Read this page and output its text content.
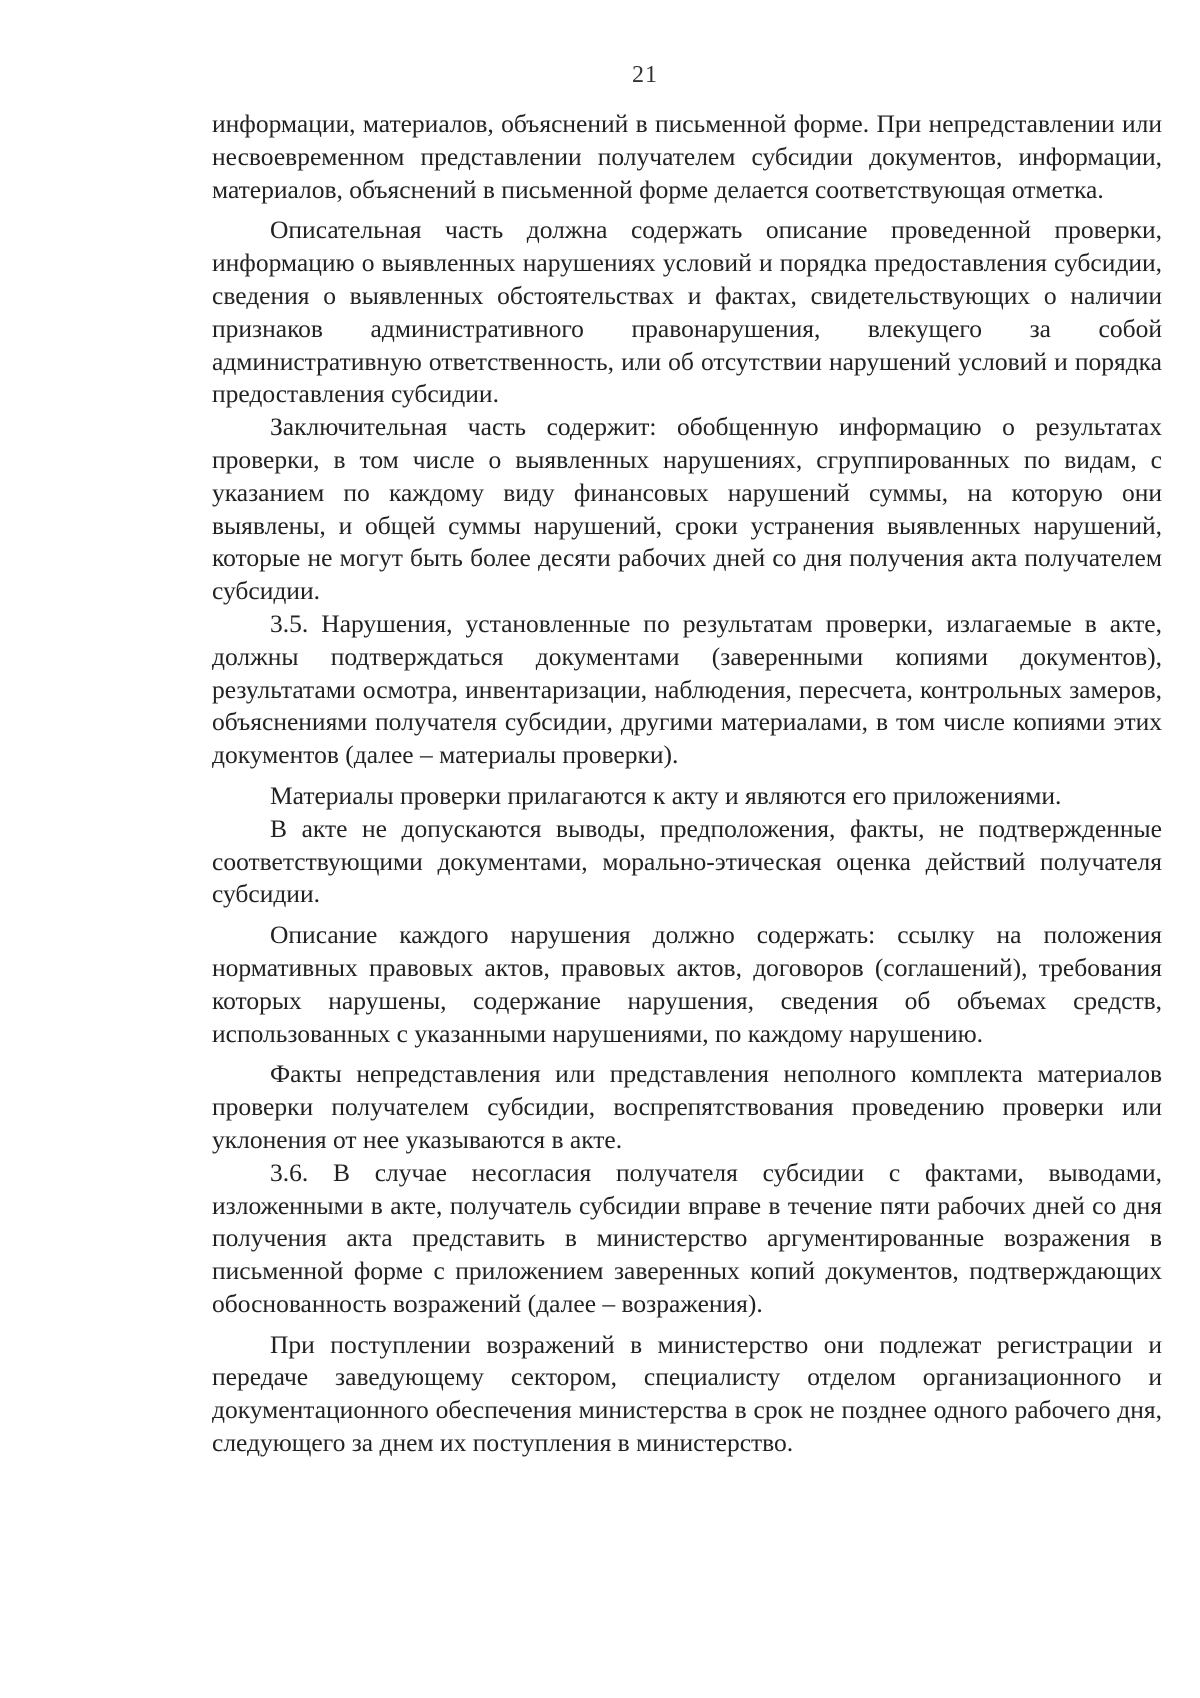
21

информации, материалов, объяснений в письменной форме. При непредставлении или несвоевременном представлении получателем субсидии документов, информации, материалов, объяснений в письменной форме делается соответствующая отметка.

Описательная часть должна содержать описание проведенной проверки, информацию о выявленных нарушениях условий и порядка предоставления субсидии, сведения о выявленных обстоятельствах и фактах, свидетельствующих о наличии признаков административного правонарушения, влекущего за собой административную ответственность, или об отсутствии нарушений условий и порядка предоставления субсидии.

Заключительная часть содержит: обобщенную информацию о результатах проверки, в том числе о выявленных нарушениях, сгруппированных по видам, с указанием по каждому виду финансовых нарушений суммы, на которую они выявлены, и общей суммы нарушений, сроки устранения выявленных нарушений, которые не могут быть более десяти рабочих дней со дня получения акта получателем субсидии.

3.5. Нарушения, установленные по результатам проверки, излагаемые в акте, должны подтверждаться документами (заверенными копиями документов), результатами осмотра, инвентаризации, наблюдения, пересчета, контрольных замеров, объяснениями получателя субсидии, другими материалами, в том числе копиями этих документов (далее – материалы проверки).

Материалы проверки прилагаются к акту и являются его приложениями.

В акте не допускаются выводы, предположения, факты, не подтвержденные соответствующими документами, морально-этическая оценка действий получателя субсидии.

Описание каждого нарушения должно содержать: ссылку на положения нормативных правовых актов, правовых актов, договоров (соглашений), требования которых нарушены, содержание нарушения, сведения об объемах средств, использованных с указанными нарушениями, по каждому нарушению.

Факты непредставления или представления неполного комплекта материалов проверки получателем субсидии, воспрепятствования проведению проверки или уклонения от нее указываются в акте.

3.6. В случае несогласия получателя субсидии с фактами, выводами, изложенными в акте, получатель субсидии вправе в течение пяти рабочих дней со дня получения акта представить в министерство аргументированные возражения в письменной форме с приложением заверенных копий документов, подтверждающих обоснованность возражений (далее – возражения).

При поступлении возражений в министерство они подлежат регистрации и передаче заведующему сектором, специалисту отделом организационного и документационного обеспечения министерства в срок не позднее одного рабочего дня, следующего за днем их поступления в министерство.
